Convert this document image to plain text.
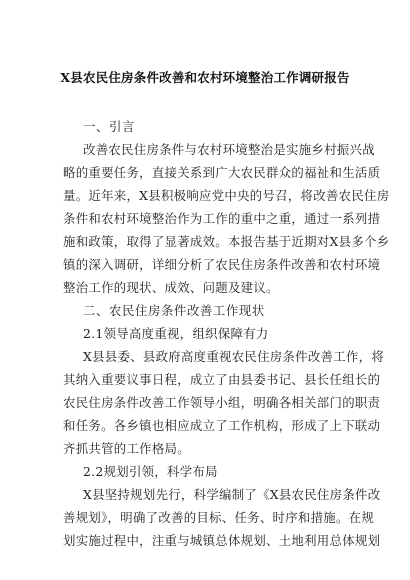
X县农民住房条件改善和农村环境整治工作调研报告
一、引言
改善农民住房条件与农村环境整治是实施乡村振兴战
略的重要任务，直接关系到广大农民群众的福祉和生活质
量。近年来，X县积极响应党中央的号召，将改善农民住房
条件和农村环境整治作为工作的重中之重，通过一系列措
施和政策，取得了显著成效。本报告基于近期对X县多个乡
镇的深入调研，详细分析了农民住房条件改善和农村环境
整治工作的现状、成效、问题及建议。
二、农民住房条件改善工作现状
2.1领导高度重视，组织保障有力
X县县委、县政府高度重视农民住房条件改善工作，将
其纳入重要议事日程，成立了由县委书记、县长任组长的
农民住房条件改善工作领导小组，明确各相关部门的职责
和任务。各乡镇也相应成立了工作机构，形成了上下联动
齐抓共管的工作格局。
2.2规划引领，科学布局
X县坚持规划先行，科学编制了《X县农民住房条件改
善规划》，明确了改善的目标、任务、时序和措施。在规
划实施过程中，注重与城镇总体规划、土地利用总体规划
